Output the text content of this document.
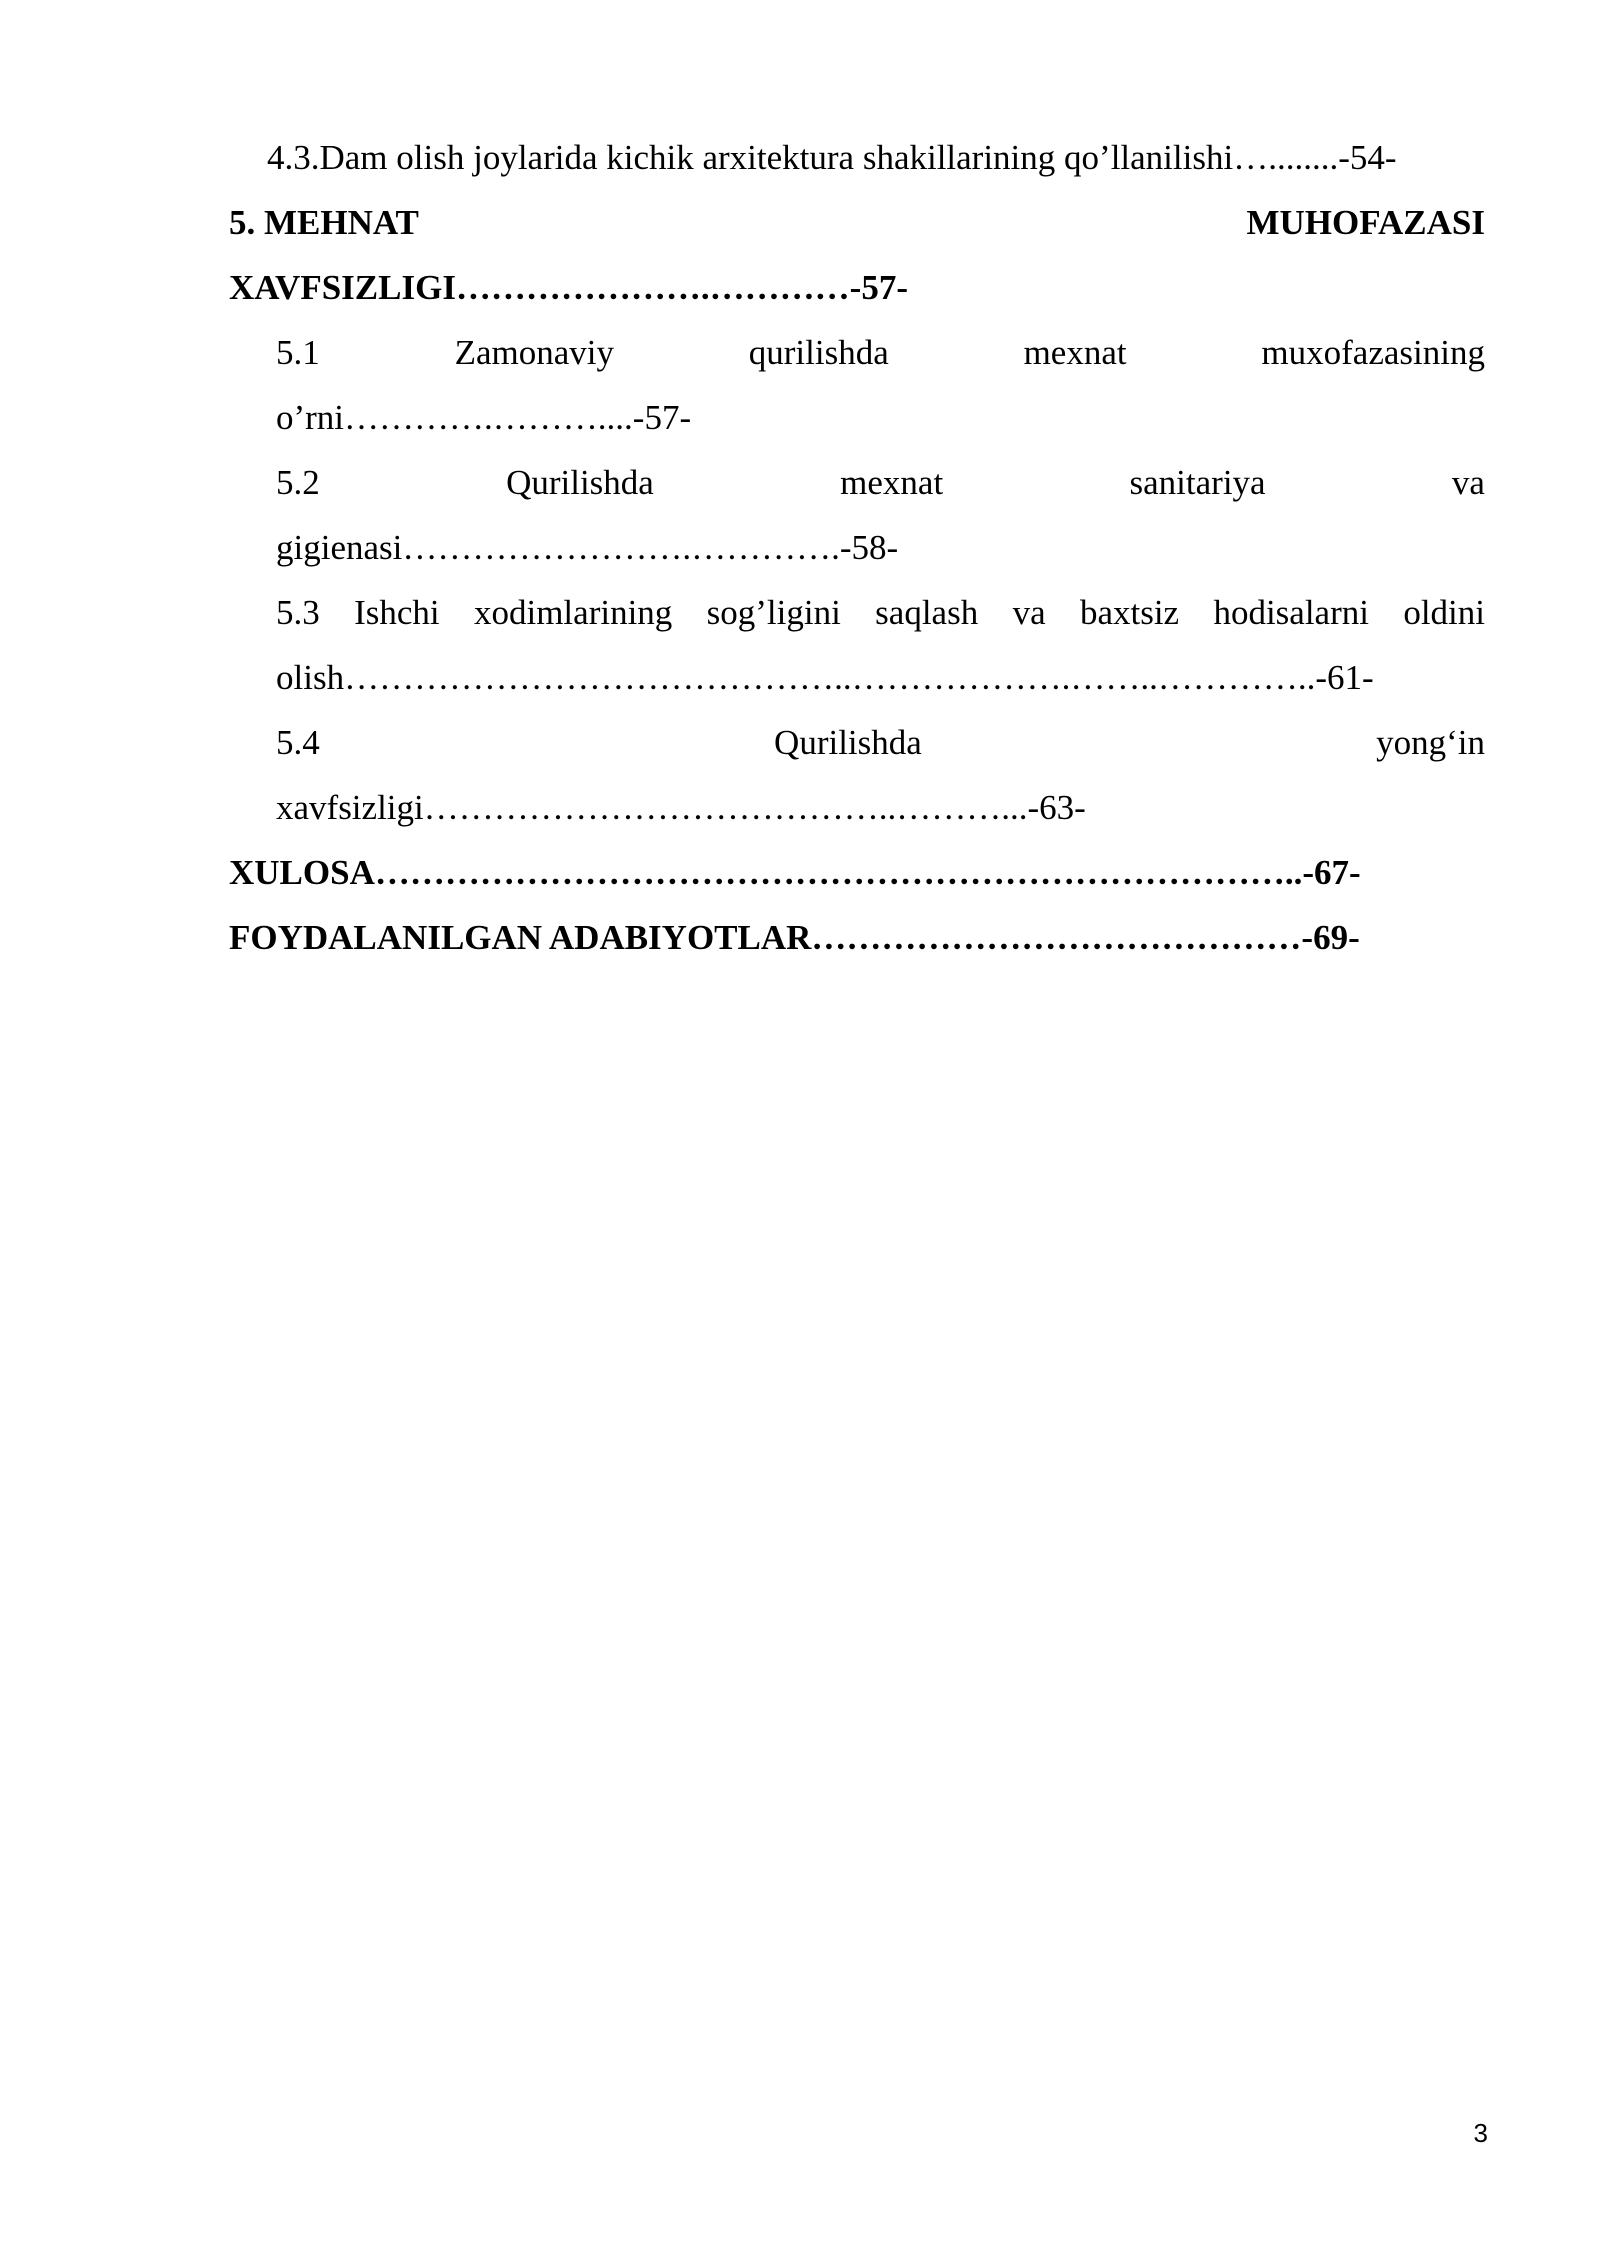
4.3.Dam olish joylarida kichik arxitektura shakillarining qo’llanilishi…........-54-
5. MEHNAT	MUHOFAZASI
XAVFSIZLIGI………………….…………-57-
5.1	Zamonaviy	qurilishda	mexnat	muxofazasining
o’rni………….………....-57-
5.2	Qurilishda	mexnat	sanitariya	va
gigienasi…………………….………….-58-
5.3 Ishchi xodimlarining sog’ligini saqlash va baxtsiz hodisalarni oldini
olish……………………………………..……………….……..…………..-61-
5.4	Qurilishda	yong‘in
xavfsizligi…………………………………..………...-63-
XULOSA……………………………………………………………………..-67-
FOYDALANILGAN ADABIYOTLAR……………………………………-69-
3
